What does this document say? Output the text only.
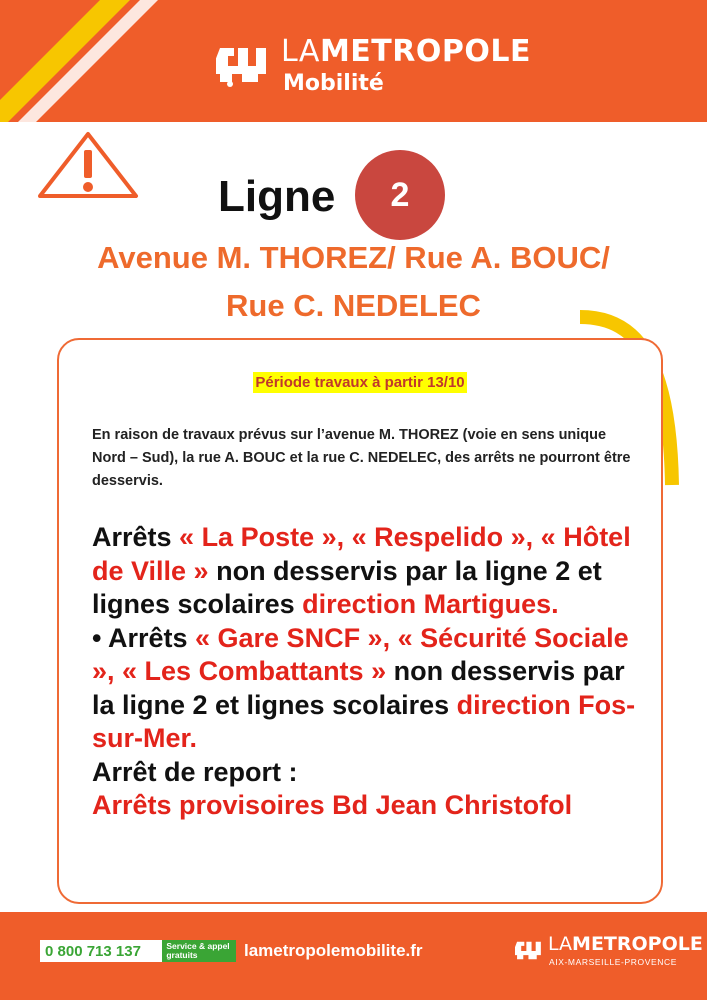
LAMETROPOLE
Mobilité
Ligne	2
Avenue M. THOREZ/ Rue A. BOUC/
Rue C. NEDELEC
Période travaux à partir 13/10
En raison de travaux prévus sur l’avenue M. THOREZ (voie en sens unique Nord – Sud), la rue A. BOUC et la rue C. NEDELEC, des arrêts ne pourront être desservis.
Arrêts « La Poste », « Respelido », « Hôtel de Ville » non desservis par la ligne 2 et lignes scolaires direction Martigues.
• Arrêts « Gare SNCF », « Sécurité Sociale », « Les Combattants » non desservis par la ligne 2 et lignes scolaires direction Fos-sur-Mer.
Arrêt de report :
Arrêts provisoires Bd Jean Christofol
0 800 713 137	Service & appel
gratuits	lametropolemobilite.fr	LAMETROPOLE
AIX-MARSEILLE-PROVENCE
